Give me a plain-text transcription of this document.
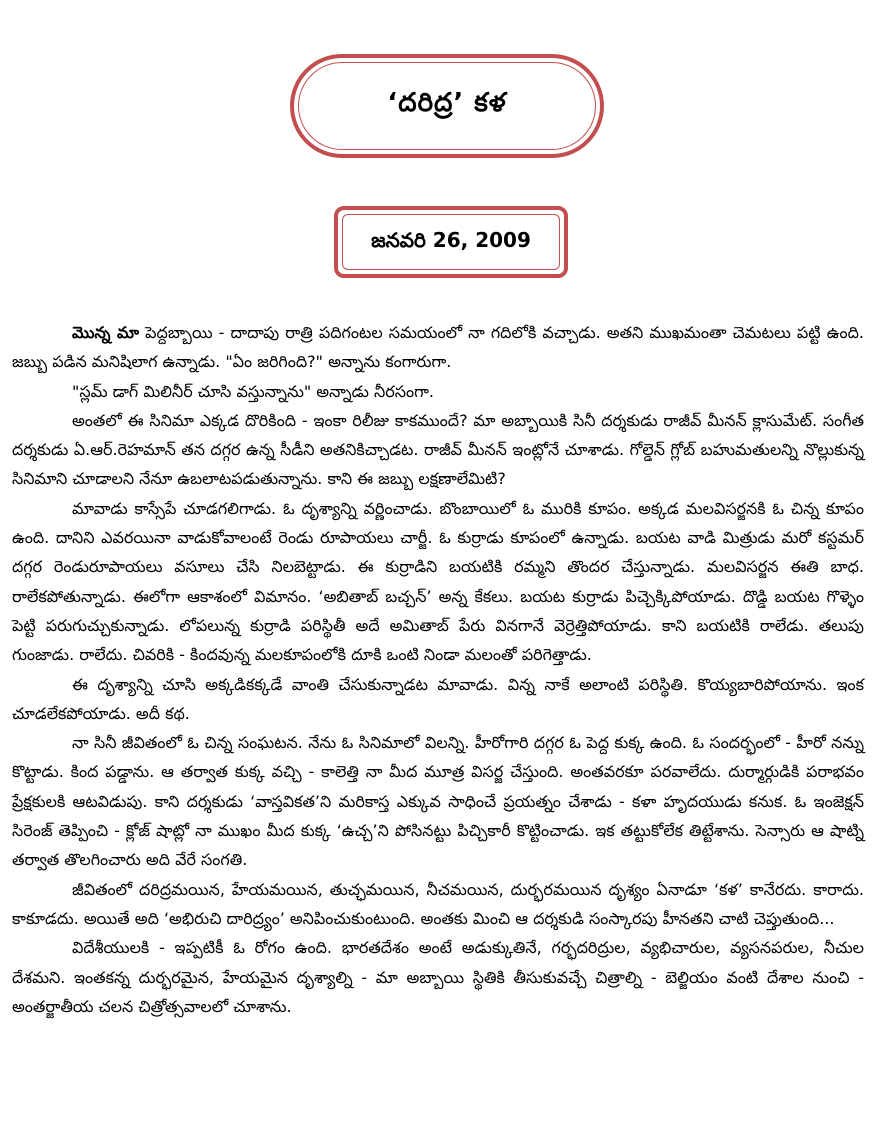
‘దరిద్ర’ కళ
జనవరి 26, 2009

మొన్న మా పెద్దబ్బాయి - దాదాపు రాత్రి పదిగంటల సమయంలో నా గదిలోకి వచ్చాడు. అతని ముఖమంతా చెమటలు పట్టి ఉంది. జబ్బు పడిన మనిషిలాగ ఉన్నాడు. "ఏం జరిగింది?" అన్నాను కంగారుగా.

"స్లమ్ డాగ్ మిలినీర్ చూసి వస్తున్నాను" అన్నాడు నీరసంగా.

అంతలో ఈ సినిమా ఎక్కడ దొరికింది - ఇంకా రిలీజు కాకముందే? మా అబ్బాయికి సినీ దర్శకుడు రాజీవ్ మీనన్ క్లాసుమేట్. సంగీత దర్శకుడు ఏ.ఆర్.రెహమాన్ తన దగ్గర ఉన్న సీడీని అతనికిచ్చాడట. రాజీవ్ మీనన్ ఇంట్లోనే చూశాడు. గోల్డెన్ గ్లోబ్ బహుమతులన్ని నొల్లుకున్న సినిమాని చూడాలని నేనూ ఉబలాటపడుతున్నాను. కాని ఈ జబ్బు లక్షణాలేమిటి?

మావాడు కాస్సేపే చూడగలిగాడు. ఓ దృశ్యాన్ని వర్ణించాడు. బొంబాయిలో ఓ మురికి కూపం. అక్కడ మలవిసర్జనకి ఓ చిన్న కూపం ఉంది. దానిని ఎవరయినా వాడుకోవాలంటే రెండు రూపాయలు చార్జీ. ఓ కుర్రాడు కూపంలో ఉన్నాడు. బయట వాడి మిత్రుడు మరో కస్టమర్ దగ్గర రెండురూపాయలు వసూలు చేసి నిలబెట్టాడు. ఈ కుర్రాడిని బయటికి రమ్మని తొందర చేస్తున్నాడు. మలవిసర్జన ఈతి బాధ. రాలేకపోతున్నాడు. ఈలోగా ఆకాశంలో విమానం. ‘అబితాబ్ బచ్చన్’ అన్న కేకలు. బయట కుర్రాడు పిచ్చెక్కిపోయాడు. దొడ్డి బయట గొళ్ళెం పెట్టి పరుగుచ్చుకున్నాడు. లోపలున్న కుర్రాడి పరిస్థితీ అదే అమితాబ్ పేరు వినగానే వెర్రెత్తిపోయాడు. కాని బయటికి రాలేడు. తలుపు గుంజాడు. రాలేదు. చివరికి - కిందవున్న మలకూపంలోకి దూకి ఒంటి నిండా మలంతో పరిగెత్తాడు.

ఈ దృశ్యాన్ని చూసి అక్కడికక్కడే వాంతి చేసుకున్నాడట మావాడు. విన్న నాకే అలాంటి పరిస్థితి. కొయ్యబారిపోయాను. ఇంక చూడలేకపోయాడు. అదీ కథ.

నా సినీ జీవితంలో ఓ చిన్న సంఘటన. నేను ఓ సినిమాలో విలన్ని. హీరోగారి దగ్గర ఓ పెద్ద కుక్క ఉంది. ఓ సందర్భంలో - హీరో నన్ను కొట్టాడు. కింద పడ్డాను. ఆ తర్వాత కుక్క వచ్చి - కాలెత్తి నా మీద మూత్ర విసర్జ చేస్తుంది. అంతవరకూ పరవాలేదు. దుర్మార్గుడికి పరాభవం ప్రేక్షకులకి ఆటవిడుపు. కాని దర్శకుడు ‘వాస్తవికత’ని మరికాస్త ఎక్కువ సాధించే ప్రయత్నం చేశాడు - కళా హృదయుడు కనుక. ఓ ఇంజెక్షన్ సిరెంజ్ తెప్పించి - క్లోజ్ షాట్లో నా ముఖం మీద కుక్క ‘ఉచ్చ’ని పోసినట్టు పిచ్చికారీ కొట్టించాడు. ఇక తట్టుకోలేక తిట్టేశాను. సెన్సారు ఆ షాట్ని తర్వాత తొలగించారు అది వేరే సంగతి.

జీవితంలో దరిద్రమయిన, హేయమయిన, తుచ్ఛమయిన, నీచమయిన, దుర్భరమయిన దృశ్యం ఏనాడూ ‘కళ’ కానేరదు. కారాదు. కాకూడదు. అయితే అది ‘అభిరుచి దారిద్ర్యం’ అనిపించుకుంటుంది. అంతకు మించి ఆ దర్శకుడి సంస్కారపు హీనతని చాటి చెప్తుతుంది...

విదేశీయులకి - ఇప్పటికీ ఓ రోగం ఉంది. భారతదేశం అంటే అడుక్కుతినే, గర్భదరిద్రుల, వ్యభిచారుల, వ్యసనపరుల, నీచుల దేశమని. ఇంతకన్న దుర్భరమైన, హేయమైన దృశ్యాల్ని - మా అబ్బాయి స్థితికి తీసుకువచ్చే చిత్రాల్ని - బెల్జియం వంటి దేశాల నుంచి - అంతర్జాతీయ చలన చిత్రోత్సవాలలో చూశాను.
